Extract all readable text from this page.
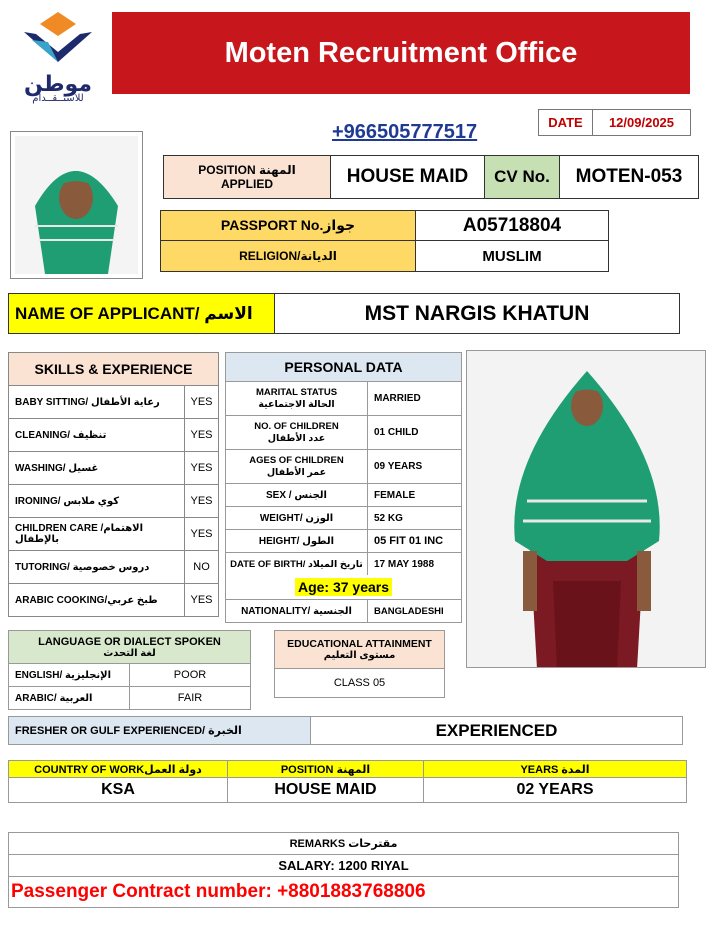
موطن
للاستــقــدام
Moten Recruitment Office
+966505777517	DATE	12/09/2025
POSITION المهنة
APPLIED	HOUSE MAID	CV No.	MOTEN-053
PASSPORT No.جواز	A05718804
RELIGION/الديانة	MUSLIM
NAME OF APPLICANT/ الاسم	MST NARGIS KHATUN
SKILLS & EXPERIENCE
BABY SITTING/ رعاية الأطفال	YES
CLEANING/ تنظيف	YES
WASHING/ غسيل	YES
IRONING/ كوي ملابس	YES
CHILDREN CARE /الاهتمام بالإطفال	YES
TUTORING/ دروس خصوصية	NO
ARABIC COOKING/طبخ عربي	YES
PERSONAL DATA
MARITAL STATUS
الحالة الاجتماعية	MARRIED
NO. OF CHILDREN
عدد الأطفال	01 CHILD
AGES OF CHILDREN
عمر الأطفال	09 YEARS
SEX / الجنس	FEMALE
WEIGHT/ الوزن	52 KG
HEIGHT/ الطول	05 FIT 01 INC
DATE OF BIRTH/ تاريخ الميلاد	17 MAY 1988
Age: 37 years
NATIONALITY/ الجنسية	BANGLADESHI
LANGUAGE OR DIALECT SPOKEN
لغة التحدث
ENGLISH/ الإنجليزية	POOR
ARABIC/ العربية	FAIR
EDUCATIONAL ATTAINMENT
مستوى التعليم
CLASS 05
FRESHER OR GULF EXPERIENCED/ الخبرة	EXPERIENCED
COUNTRY OF WORKدولة العمل	POSITION المهنة	YEARS المدة
KSA	HOUSE MAID	02 YEARS
REMARKS مقترحات
SALARY: 1200 RIYAL
Passenger Contract number: +8801883768806
